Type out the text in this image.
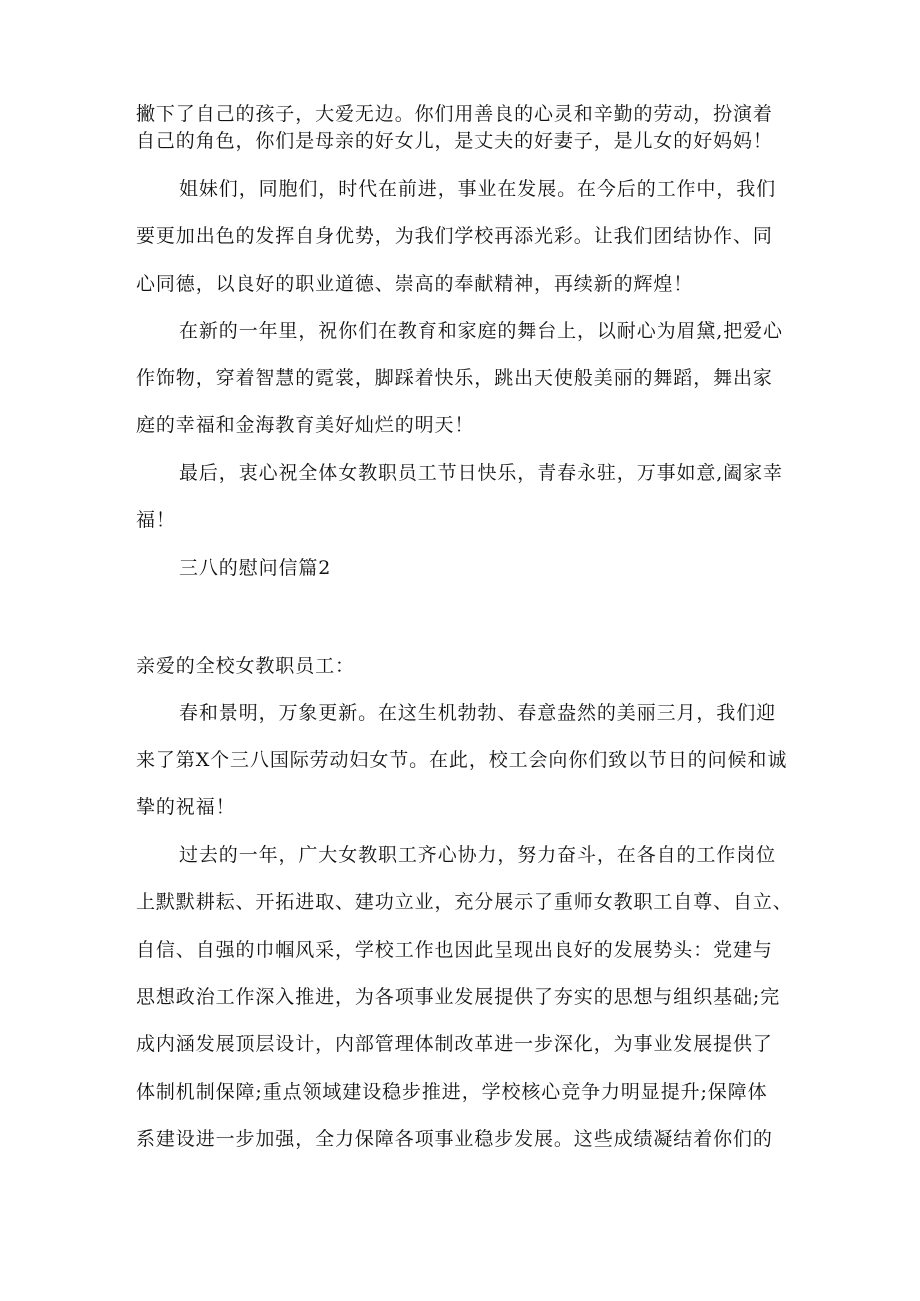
撇下了自己的孩子，大爱无边。你们用善良的心灵和辛勤的劳动，扮演着
自己的角色，你们是母亲的好女儿，是丈夫的好妻子，是儿女的好妈妈！
姐妹们，同胞们，时代在前进，事业在发展。在今后的工作中，我们
要更加出色的发挥自身优势，为我们学校再添光彩。让我们团结协作、同
心同德，以良好的职业道德、崇高的奉献精神，再续新的辉煌！
在新的一年里，祝你们在教育和家庭的舞台上，以耐心为眉黛,把爱心
作饰物，穿着智慧的霓裳，脚踩着快乐，跳出天使般美丽的舞蹈，舞出家
庭的幸福和金海教育美好灿烂的明天！
最后，衷心祝全体女教职员工节日快乐，青春永驻，万事如意,阖家幸
福！
三八的慰问信篇2
亲爱的全校女教职员工：
春和景明，万象更新。在这生机勃勃、春意盎然的美丽三月，我们迎
来了第X个三八国际劳动妇女节。在此，校工会向你们致以节日的问候和诚
挚的祝福！
过去的一年，广大女教职工齐心协力，努力奋斗，在各自的工作岗位
上默默耕耘、开拓进取、建功立业，充分展示了重师女教职工自尊、自立、
自信、自强的巾帼风采，学校工作也因此呈现出良好的发展势头：党建与
思想政治工作深入推进，为各项事业发展提供了夯实的思想与组织基础;完
成内涵发展顶层设计，内部管理体制改革进一步深化，为事业发展提供了
体制机制保障;重点领域建设稳步推进，学校核心竞争力明显提升;保障体
系建设进一步加强，全力保障各项事业稳步发展。这些成绩凝结着你们的
